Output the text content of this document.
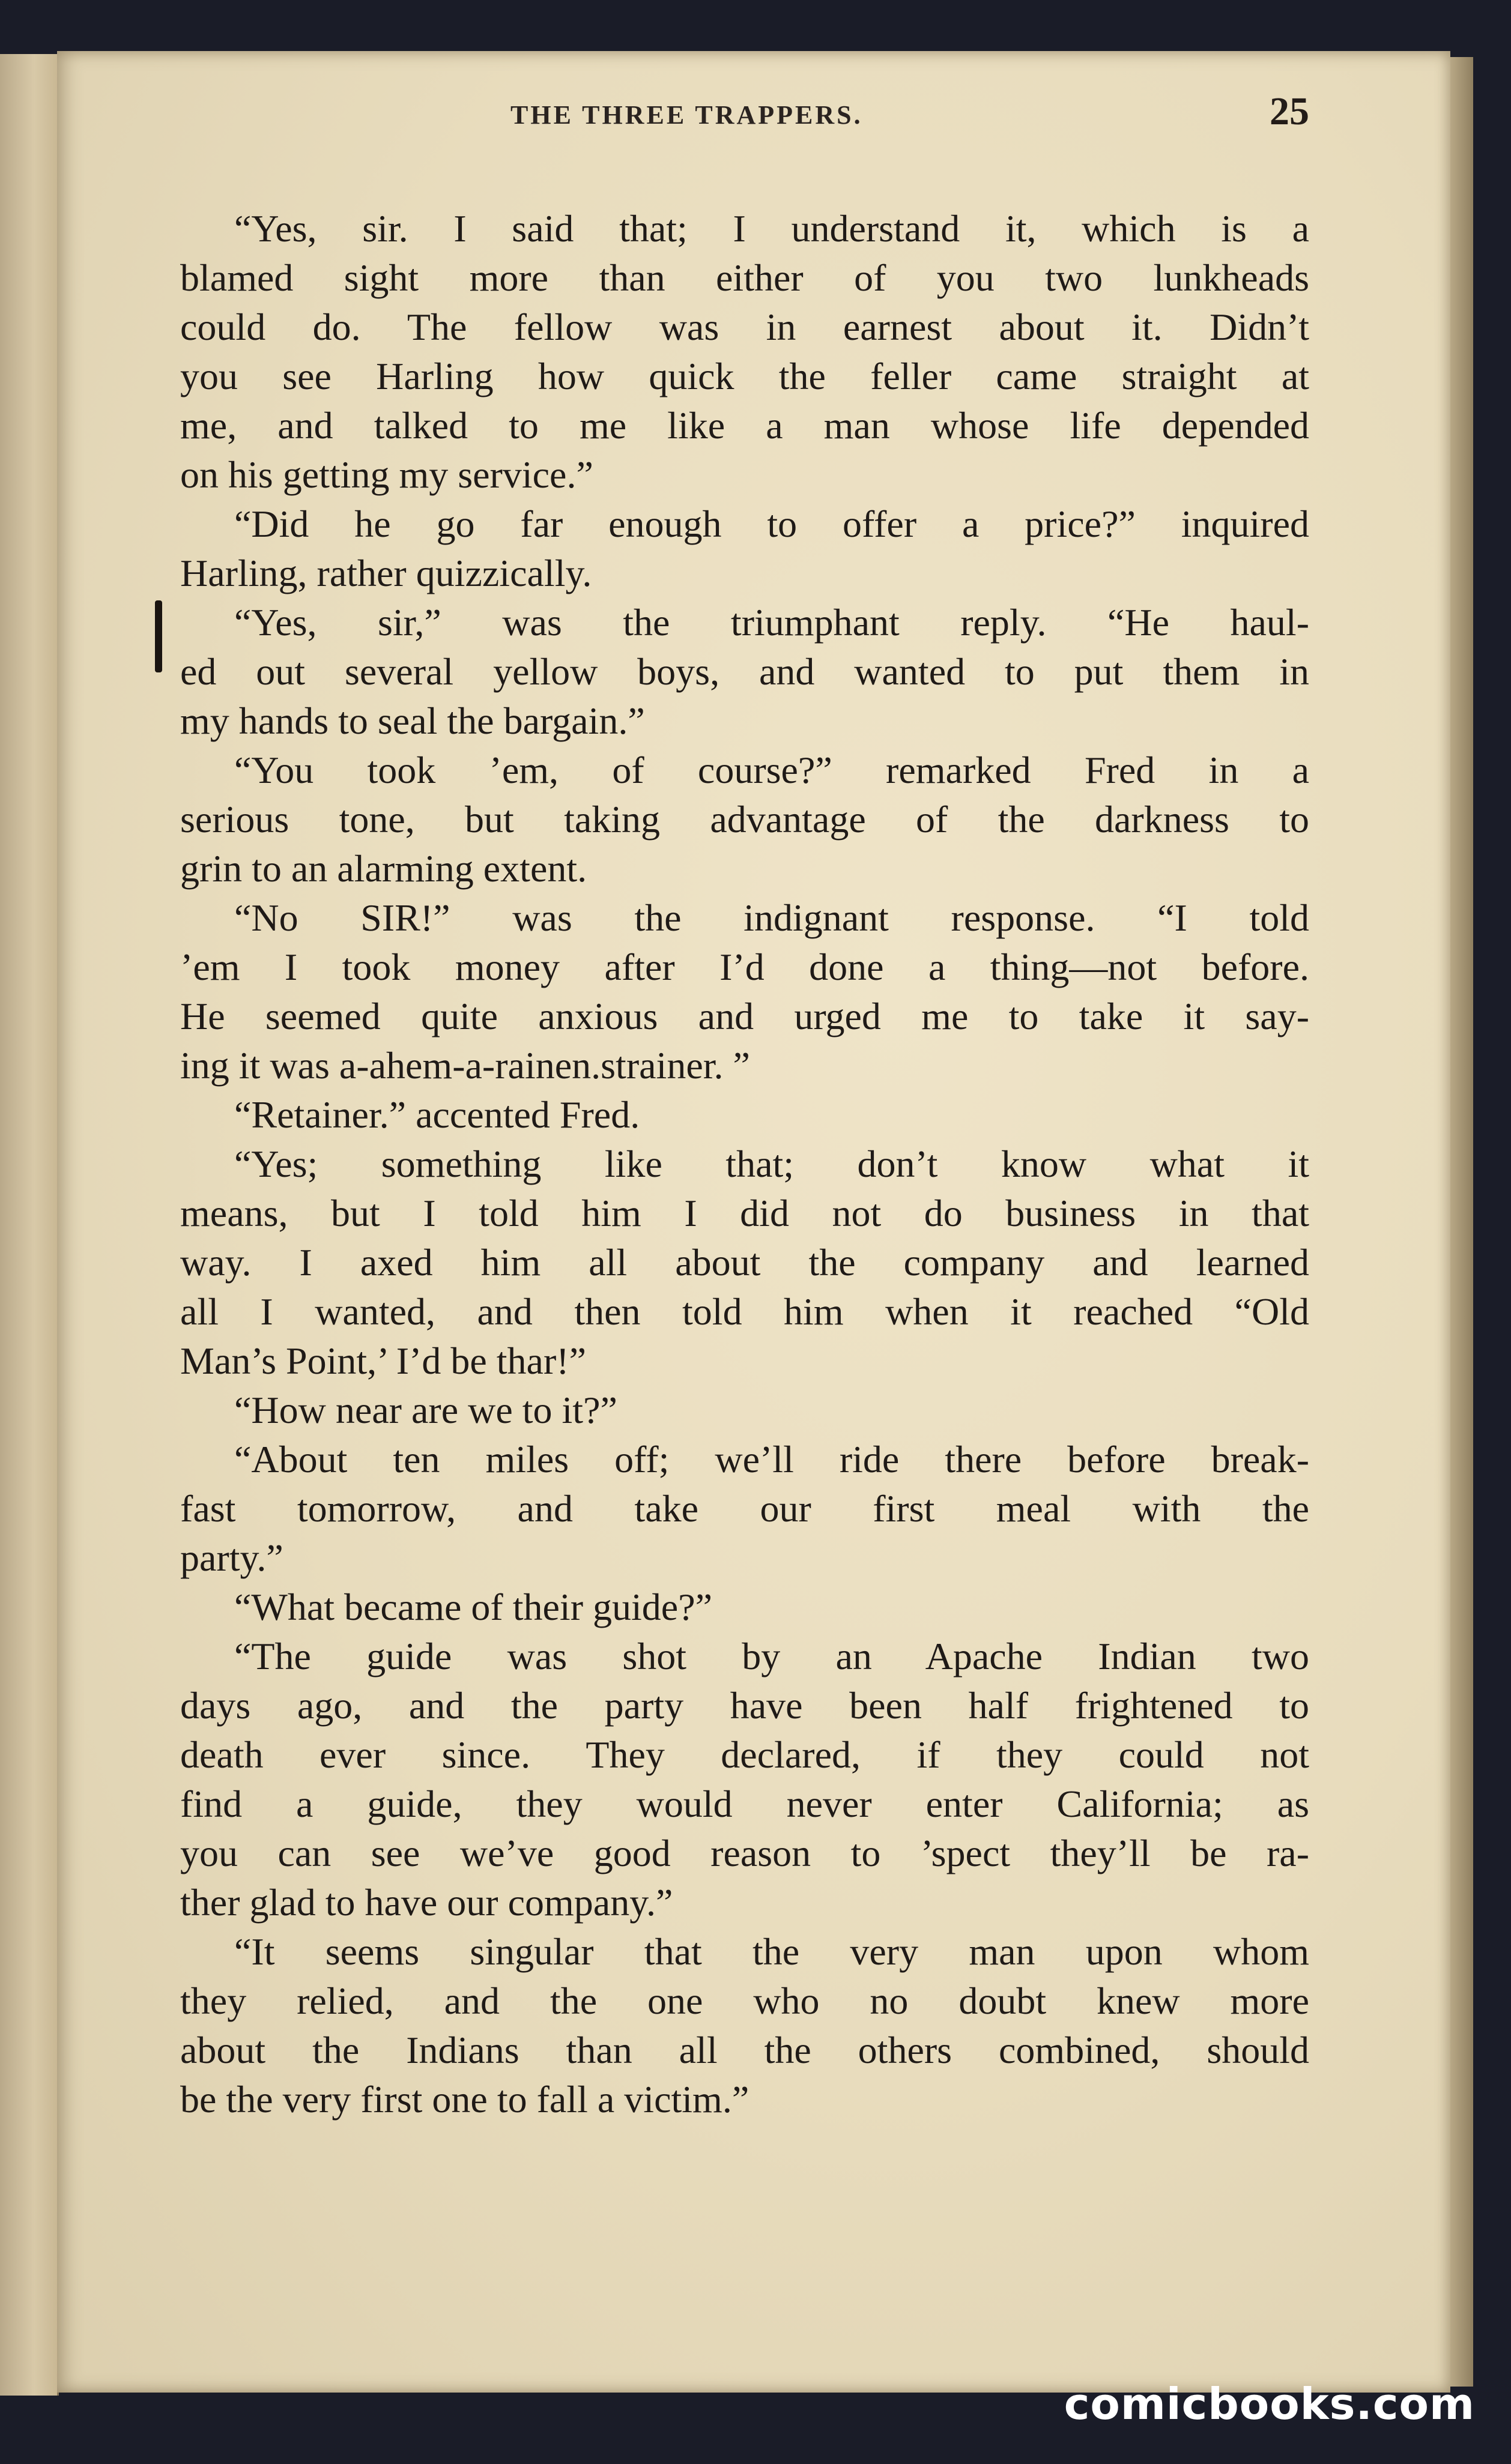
THE THREE TRAPPERS.	25
“Yes, sir. I said that; I understand it, which is a
blamed sight more than either of you two lunkheads
could do. The fellow was in earnest about it. Didn’t
you see Harling how quick the feller came straight at
me, and talked to me like a man whose life depended
on his getting my service.”
“Did he go far enough to offer a price?” inquired
Harling, rather quizzically.
“Yes, sir,” was the triumphant reply. “He haul-
ed out several yellow boys, and wanted to put them in
my hands to seal the bargain.”
“You took ’em, of course?” remarked Fred in a
serious tone, but taking advantage of the darkness to
grin to an alarming extent.
“No SIR!” was the indignant response. “I told
’em I took money after I’d done a thing—not before.
He seemed quite anxious and urged me to take it say-
ing it was a-ahem-a-rainen.strainer. ”
“Retainer.” accented Fred.
“Yes; something like that; don’t know what it
means, but I told him I did not do business in that
way. I axed him all about the company and learned
all I wanted, and then told him when it reached “Old
Man’s Point,’ I’d be thar!”
“How near are we to it?”
“About ten miles off; we’ll ride there before break-
fast tomorrow, and take our first meal with the
party.”
“What became of their guide?”
“The guide was shot by an Apache Indian two
days ago, and the party have been half frightened to
death ever since. They declared, if they could not
find a guide, they would never enter California; as
you can see we’ve good reason to ’spect they’ll be ra-
ther glad to have our company.”
“It seems singular that the very man upon whom
they relied, and the one who no doubt knew more
about the Indians than all the others combined, should
be the very first one to fall a victim.”
comicbooks.com
